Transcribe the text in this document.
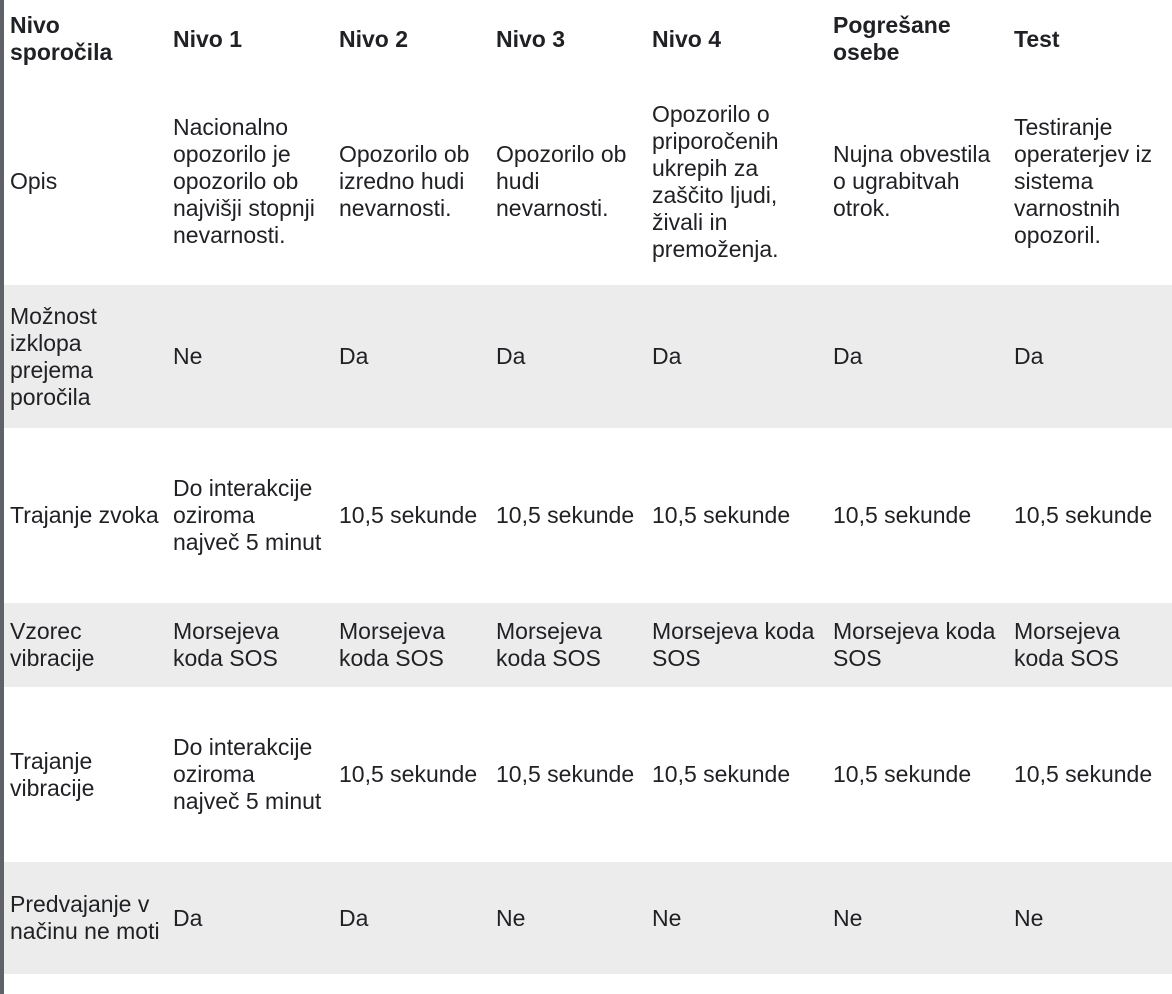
Nivo sporočila	Nivo 1	Nivo 2	Nivo 3	Nivo 4	Pogrešane osebe	Test
Opis	Nacionalno opozorilo je opozorilo ob najvišji stopnji nevarnosti.	Opozorilo ob izredno hudi nevarnosti.	Opozorilo ob hudi nevarnosti.	Opozorilo o priporočenih ukrepih za zaščito ljudi, živali in premoženja.	Nujna obvestila o ugrabitvah otrok.	Testiranje operaterjev iz sistema varnostnih opozoril.
Možnost izklopa prejema poročila	Ne	Da	Da	Da	Da	Da
Trajanje zvoka	Do interakcije oziroma največ 5 minut	10,5 sekunde	10,5 sekunde	10,5 sekunde	10,5 sekunde	10,5 sekunde
Vzorec vibracije	Morsejeva koda SOS	Morsejeva koda SOS	Morsejeva koda SOS	Morsejeva koda SOS	Morsejeva koda SOS	Morsejeva koda SOS
Trajanje vibracije	Do interakcije oziroma največ 5 minut	10,5 sekunde	10,5 sekunde	10,5 sekunde	10,5 sekunde	10,5 sekunde
Predvajanje v načinu ne moti	Da	Da	Ne	Ne	Ne	Ne
